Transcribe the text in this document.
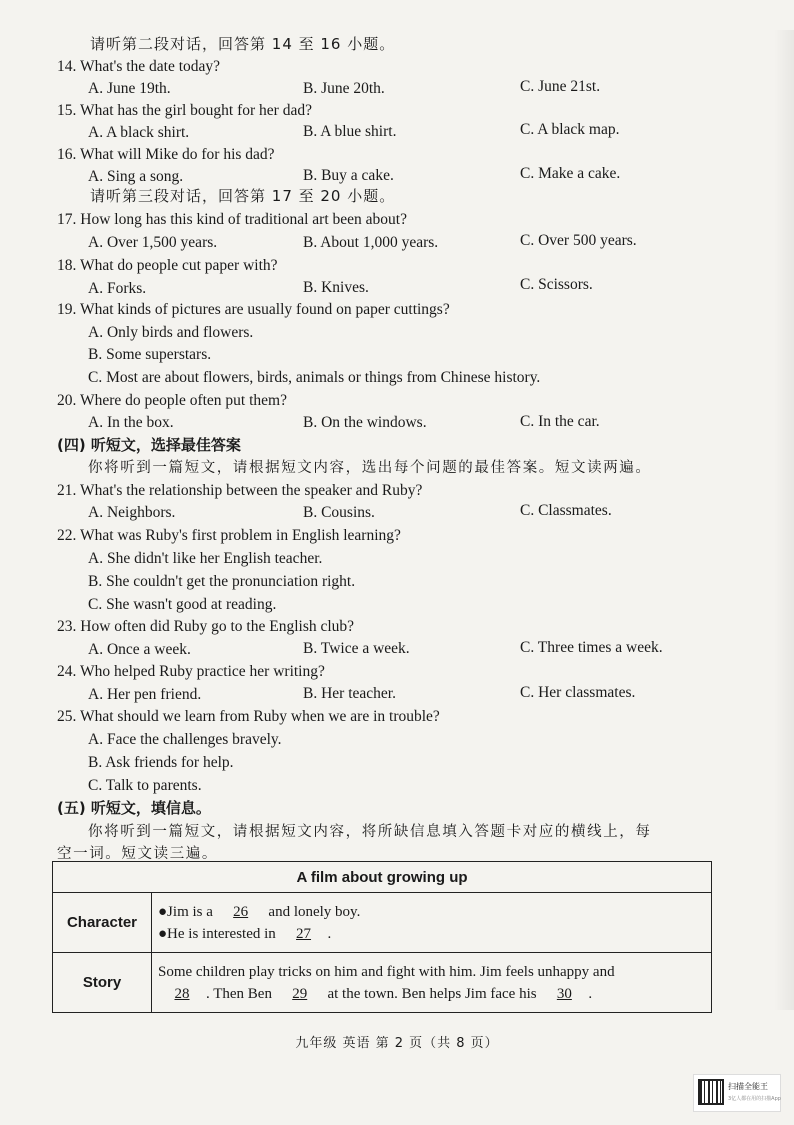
请听第二段对话，回答第 14 至 16 小题。
14. What's the date today?
A. June 19th.	B. June 20th.	C. June 21st.
15. What has the girl bought for her dad?
A. A black shirt.	B. A blue shirt.	C. A black map.
16. What will Mike do for his dad?
A. Sing a song.	B. Buy a cake.	C. Make a cake.
请听第三段对话，回答第 17 至 20 小题。
17. How long has this kind of traditional art been about?
A. Over 1,500 years.	B. About 1,000 years.	C. Over 500 years.
18. What do people cut paper with?
A. Forks.	B. Knives.	C. Scissors.
19. What kinds of pictures are usually found on paper cuttings?
A. Only birds and flowers.
B. Some superstars.
C. Most are about flowers, birds, animals or things from Chinese history.
20. Where do people often put them?
A. In the box.	B. On the windows.	C. In the car.
(四) 听短文，选择最佳答案
你将听到一篇短文，请根据短文内容，选出每个问题的最佳答案。短文读两遍。
21. What's the relationship between the speaker and Ruby?
A. Neighbors.	B. Cousins.	C. Classmates.
22. What was Ruby's first problem in English learning?
A. She didn't like her English teacher.
B. She couldn't get the pronunciation right.
C. She wasn't good at reading.
23. How often did Ruby go to the English club?
A. Once a week.	B. Twice a week.	C. Three times a week.
24. Who helped Ruby practice her writing?
A. Her pen friend.	B. Her teacher.	C. Her classmates.
25. What should we learn from Ruby when we are in trouble?
A. Face the challenges bravely.
B. Ask friends for help.
C. Talk to parents.
(五) 听短文，填信息。
你将听到一篇短文，请根据短文内容，将所缺信息填入答题卡对应的横线上，每
空一词。短文读三遍。
A film about growing up	
Character	●Jim is a 26 and lonely boy.
●He is interested in 27 .

Story	Some children play tricks on him and fight with him. Jim feels unhappy and
28 . Then Ben 29 at the town. Ben helps Jim face his 30 .
九年级 英语 第 2 页（共 8 页）
扫描全能王
3亿人都在用的扫描App
